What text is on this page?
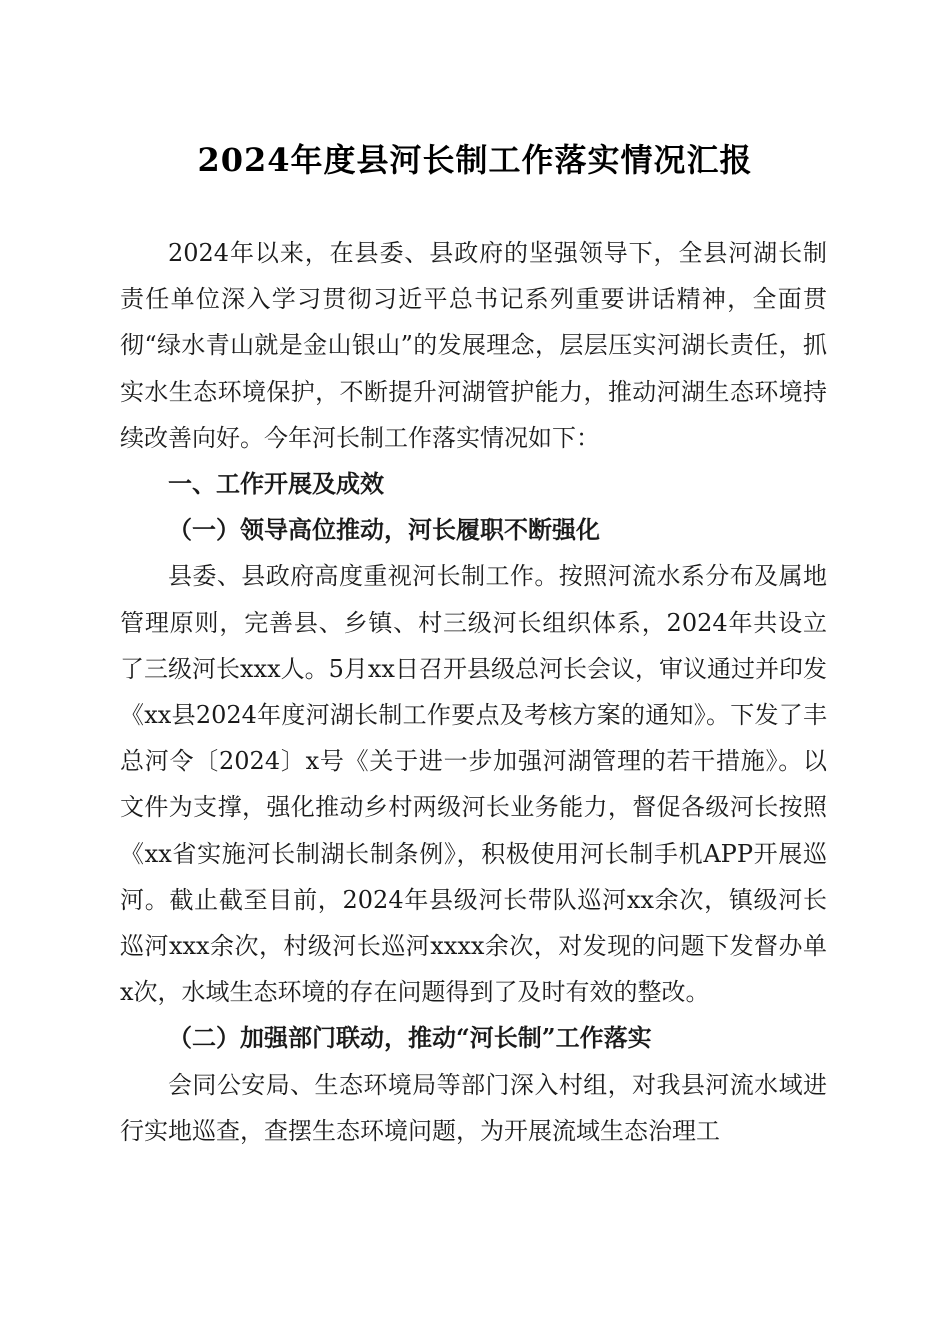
2024年度县河长制工作落实情况汇报

2024年以来，在县委、县政府的坚强领导下，全县河湖长制责任单位深入学习贯彻习近平总书记系列重要讲话精神，全面贯彻“绿水青山就是金山银山”的发展理念，层层压实河湖长责任，抓实水生态环境保护，不断提升河湖管护能力，推动河湖生态环境持续改善向好。今年河长制工作落实情况如下：

一、工作开展及成效

（一）领导高位推动，河长履职不断强化

县委、县政府高度重视河长制工作。按照河流水系分布及属地管理原则，完善县、乡镇、村三级河长组织体系，2024年共设立了三级河长xxx人。5月xx日召开县级总河长会议，审议通过并印发《xx县2024年度河湖长制工作要点及考核方案的通知》。下发了丰总河令〔2024〕x号《关于进一步加强河湖管理的若干措施》。以文件为支撑，强化推动乡村两级河长业务能力，督促各级河长按照《xx省实施河长制湖长制条例》，积极使用河长制手机APP开展巡河。截止截至目前，2024年县级河长带队巡河xx余次，镇级河长巡河xxx余次，村级河长巡河xxxx余次，对发现的问题下发督办单x次，水域生态环境的存在问题得到了及时有效的整改。

（二）加强部门联动，推动“河长制”工作落实

会同公安局、生态环境局等部门深入村组，对我县河流水域进行实地巡查，查摆生态环境问题，为开展流域生态治理工
